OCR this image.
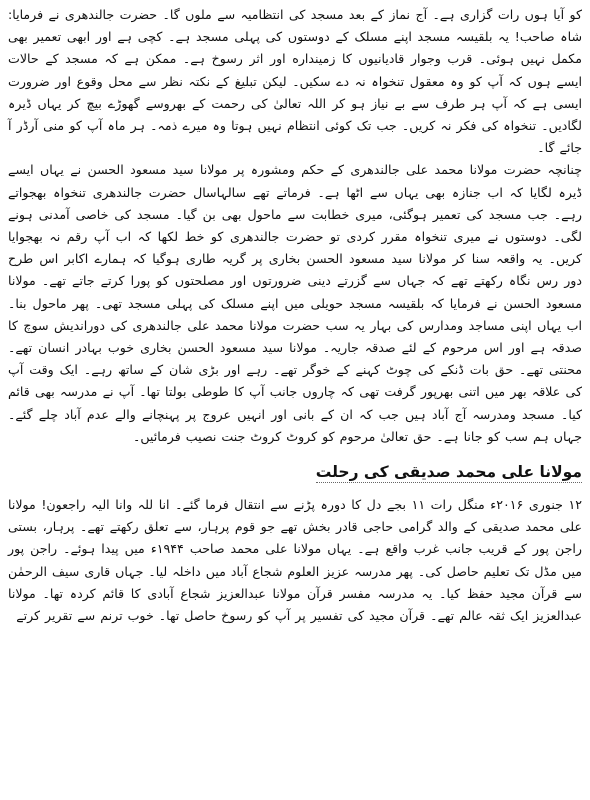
کو آیا ہوں رات گزاری ہے۔ آج نماز کے بعد مسجد کی انتظامیہ سے ملوں گا۔ حضرت جالندھری نے فرمایا: شاہ صاحب! یہ بلقیسہ مسجد اپنے مسلک کے دوستوں کی پہلی مسجد ہے۔ کچی ہے اور ابھی تعمیر بھی مکمل نہیں ہوئی۔ قرب وجوار قادیانیوں کا زمینداره اور اثر رسوخ ہے۔ ممکن ہے کہ مسجد کے حالات ایسے ہوں کہ آپ کو وہ معقول تنخواہ نہ دے سکیں۔ لیکن تبلیغ کے نکتہ نظر سے محل وقوع اور ضرورت ایسی ہے کہ آپ ہر طرف سے بے نیاز ہو کر اللہ تعالیٰ کی رحمت کے بھروسے گھوڑے بیچ کر یہاں ڈیرہ لگادیں۔ تنخواہ کی فکر نہ کریں۔ جب تک کوئی انتظام نہیں ہوتا وہ میرے ذمہ۔ ہر ماہ آپ کو منی آرڈر آ جائے گا۔

چنانچہ حضرت مولانا محمد علی جالندھری کے حکم ومشورہ پر مولانا سید مسعود الحسن نے یہاں ایسے ڈیرہ لگایا کہ اب جنازہ بھی یہاں سے اٹھا ہے۔ فرماتے تھے سالہاسال حضرت جالندھری تنخواہ بھجواتے رہے۔ جب مسجد کی تعمیر ہوگئی، میری خطابت سے ماحول بھی بن گیا۔ مسجد کی خاصی آمدنی ہونے لگی۔ دوستوں نے میری تنخواہ مقرر کردی تو حضرت جالندھری کو خط لکھا کہ اب آپ رقم نہ بھجوایا کریں۔ یہ واقعہ سنا کر مولانا سید مسعود الحسن بخاری پر گریہ طاری ہوگیا کہ ہمارے اکابر اس طرح دور رس نگاہ رکھتے تھے کہ جہاں سے گزرتے دینی ضرورتوں اور مصلحتوں کو پورا کرتے جاتے تھے۔ مولانا مسعود الحسن نے فرمایا کہ بلقیسہ مسجد حویلی میں اپنے مسلک کی پہلی مسجد تھی۔ پھر ماحول بنا۔ اب یہاں اپنی مساجد ومدارس کی بہار یہ سب حضرت مولانا محمد علی جالندھری کی دوراندیش سوچ کا صدقہ ہے اور اس مرحوم کے لئے صدقہ جاریہ۔ مولانا سید مسعود الحسن بخاری خوب بہادر انسان تھے۔ محنتی تھے۔ حق بات ڈنکے کی چوٹ کہنے کے خوگر تھے۔ رہے اور بڑی شان کے ساتھ رہے۔ ایک وقت آپ کی علاقہ بھر میں اتنی بھرپور گرفت تھی کہ چاروں جانب آپ کا طوطی بولتا تھا۔ آپ نے مدرسہ بھی قائم کیا۔ مسجد ومدرسہ آج آباد ہیں جب کہ ان کے بانی اور انہیں عروج پر پہنچانے والے عدم آباد چلے گئے۔ جہاں ہم سب کو جانا ہے۔ حق تعالیٰ مرحوم کو کروٹ کروٹ جنت نصیب فرمائیں۔

مولانا علی محمد صدیقی کی رحلت

۱۲ جنوری ۲۰۱۶ء منگل رات ۱۱ بجے دل کا دورہ پڑنے سے انتقال فرما گئے۔ انا للہ وانا الیہ راجعون! مولانا علی محمد صدیقی کے والد گرامی حاجی قادر بخش تھے جو قوم پرہار، سے تعلق رکھتے تھے۔ پرہار، بستی راجن پور کے قریب جانب غرب واقع ہے۔ یہاں مولانا علی محمد صاحب ۱۹۴۴ء میں پیدا ہوئے۔ راجن پور میں مڈل تک تعلیم حاصل کی۔ پھر مدرسہ عزیز العلوم شجاع آباد میں داخلہ لیا۔ جہاں قاری سیف الرحمٰن سے قرآن مجید حفظ کیا۔ یہ مدرسہ مفسر قرآن مولانا عبدالعزیز شجاع آبادی کا قائم کردہ تھا۔ مولانا عبدالعزیز ایک ثقہ عالم تھے۔ قرآن مجید کی تفسیر پر آپ کو رسوخ حاصل تھا۔ خوب ترنم سے تقریر کرتے
